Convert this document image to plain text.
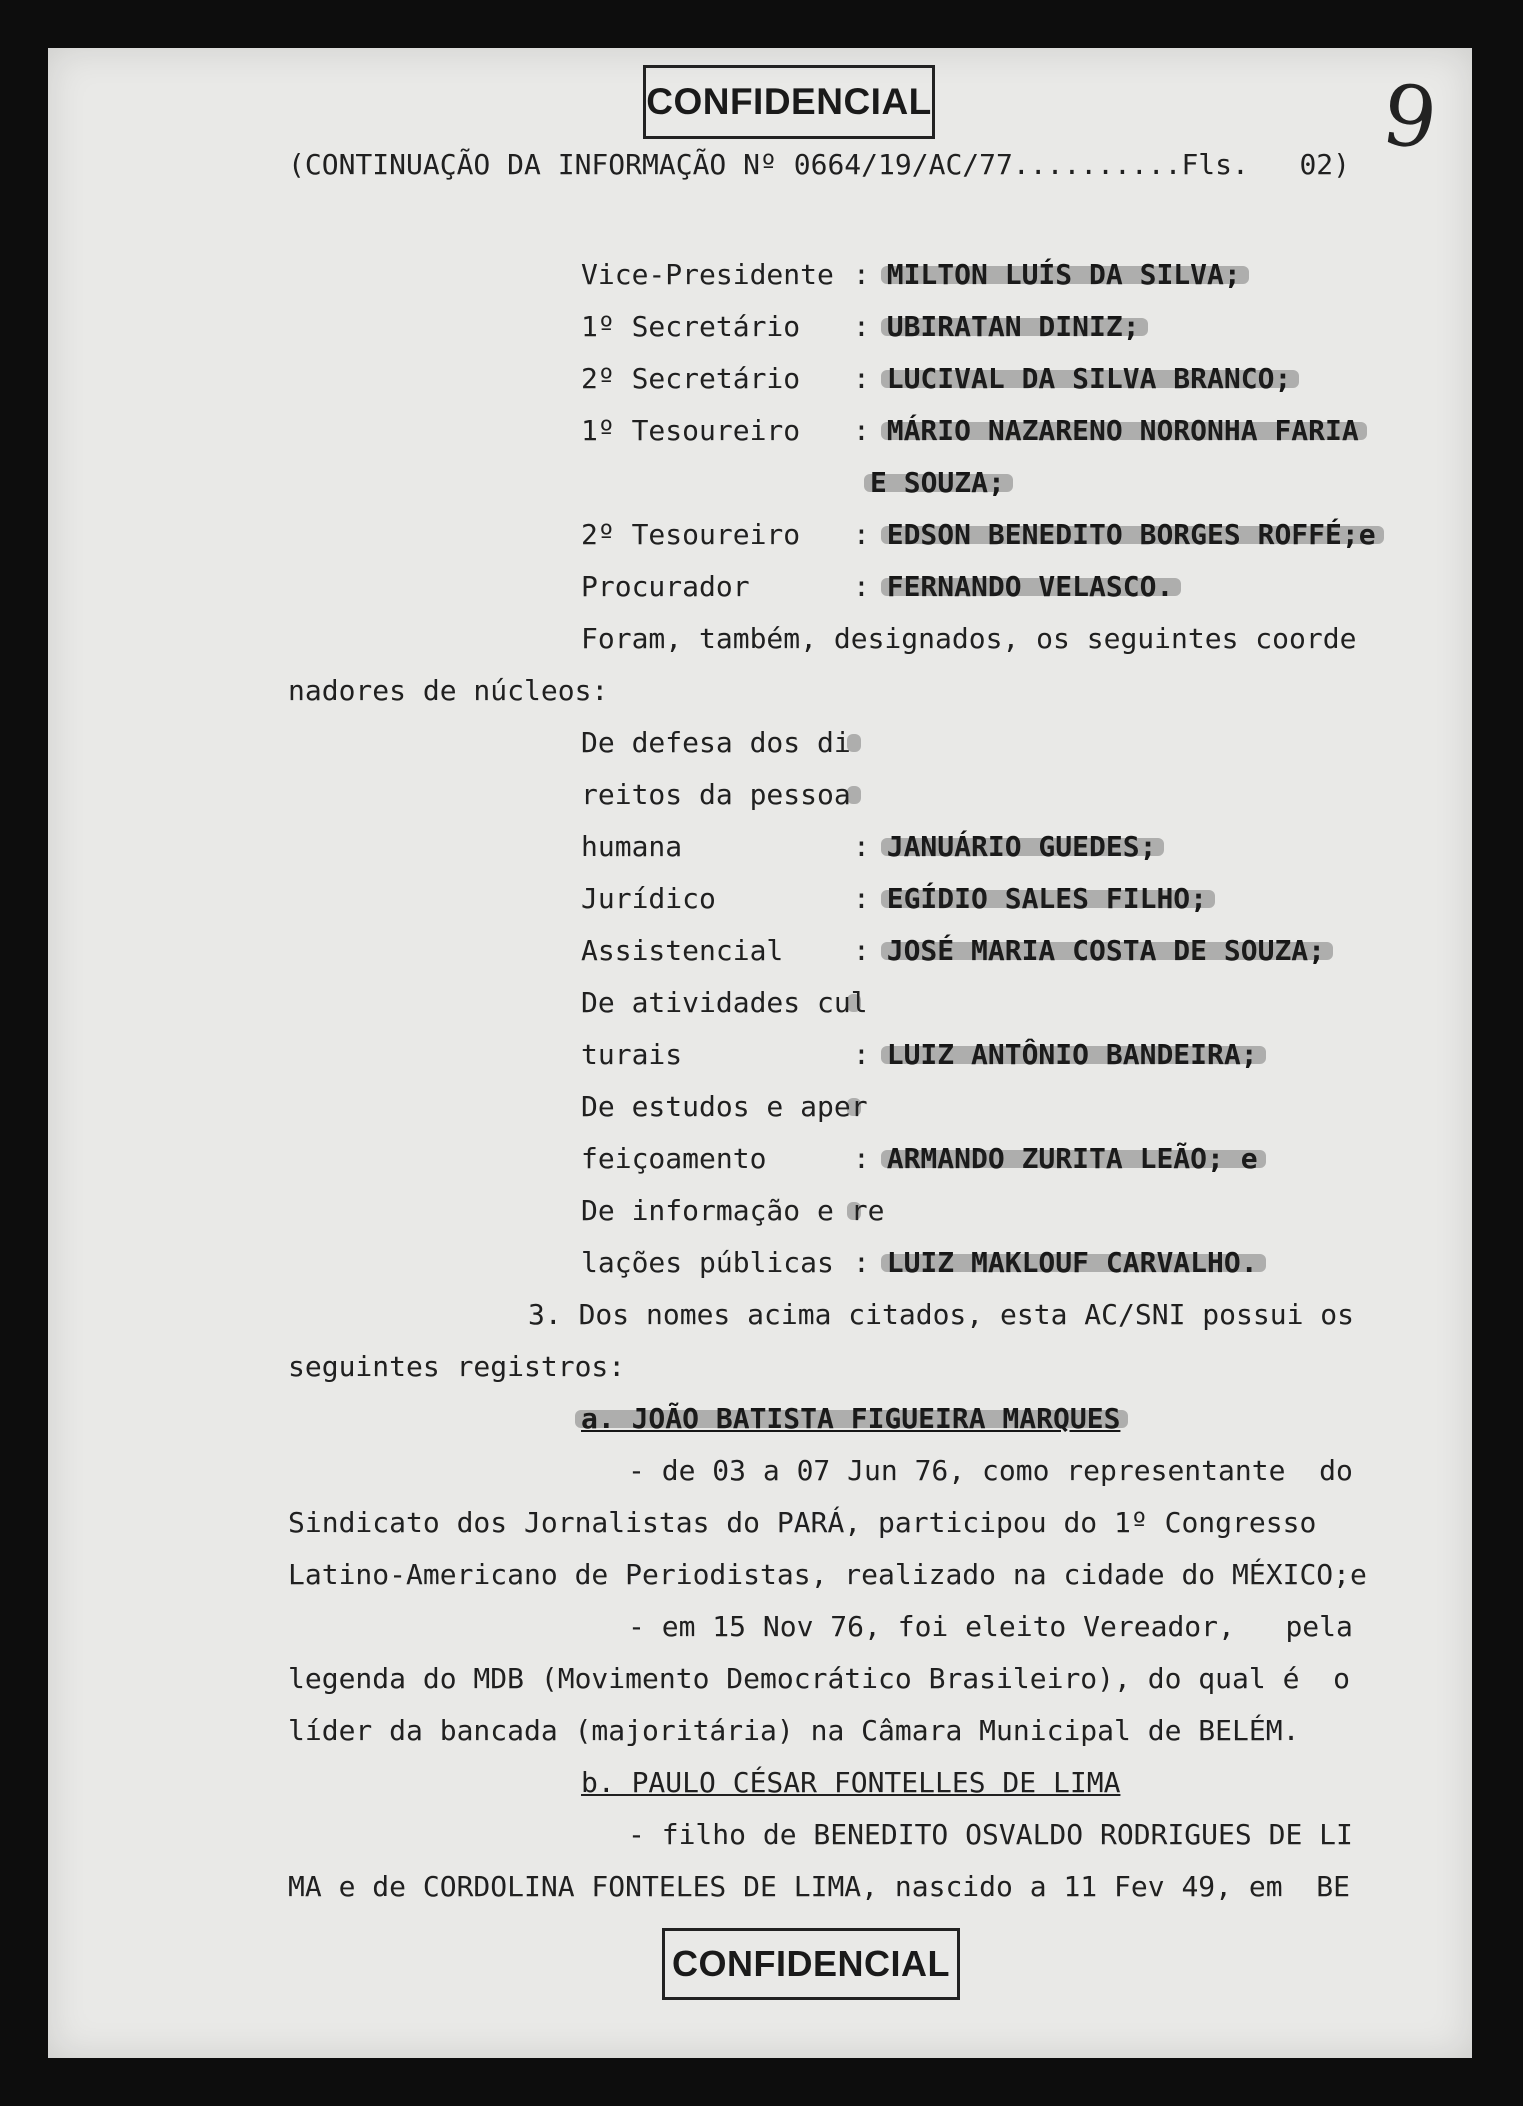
CONFIDENCIAL	9
(CONTINUAÇÃO DA INFORMAÇÃO Nº 0664/19/AC/77..........Fls.   02)
Vice-Presidente : MILTON LUÍS DA SILVA;
1º Secretário : UBIRATAN DINIZ;
2º Secretário : LUCIVAL DA SILVA BRANCO;
1º Tesoureiro : MÁRIO NAZARENO NORONHA FARIA
E SOUZA;
2º Tesoureiro : EDSON BENEDITO BORGES ROFFÉ;e
Procurador	: FERNANDO VELASCO.
Foram, também, designados, os seguintes coorde
nadores de núcleos:
De defesa dos di
reitos da pessoa
humana	: JANUÁRIO GUEDES;
Jurídico	: EGÍDIO SALES FILHO;
Assistencial : JOSÉ MARIA COSTA DE SOUZA;
De atividades cul
turais	: LUIZ ANTÔNIO BANDEIRA;
De estudos e aper
feiçoamento	: ARMANDO ZURITA LEÃO; e
De informação e re
lações públicas : LUIZ MAKLOUF CARVALHO.
3. Dos nomes acima citados, esta AC/SNI possui os
seguintes registros:
a. JOÃO BATISTA FIGUEIRA MARQUES
- de 03 a 07 Jun 76, como representante  do
Sindicato dos Jornalistas do PARÁ, participou do 1º Congresso
Latino-Americano de Periodistas, realizado na cidade do MÉXICO;e
- em 15 Nov 76, foi eleito Vereador,   pela
legenda do MDB (Movimento Democrático Brasileiro), do qual é  o
líder da bancada (majoritária) na Câmara Municipal de BELÉM.
b. PAULO CÉSAR FONTELLES DE LIMA
- filho de BENEDITO OSVALDO RODRIGUES DE LI
MA e de CORDOLINA FONTELES DE LIMA, nascido a 11 Fev 49, em  BE
CONFIDENCIAL
